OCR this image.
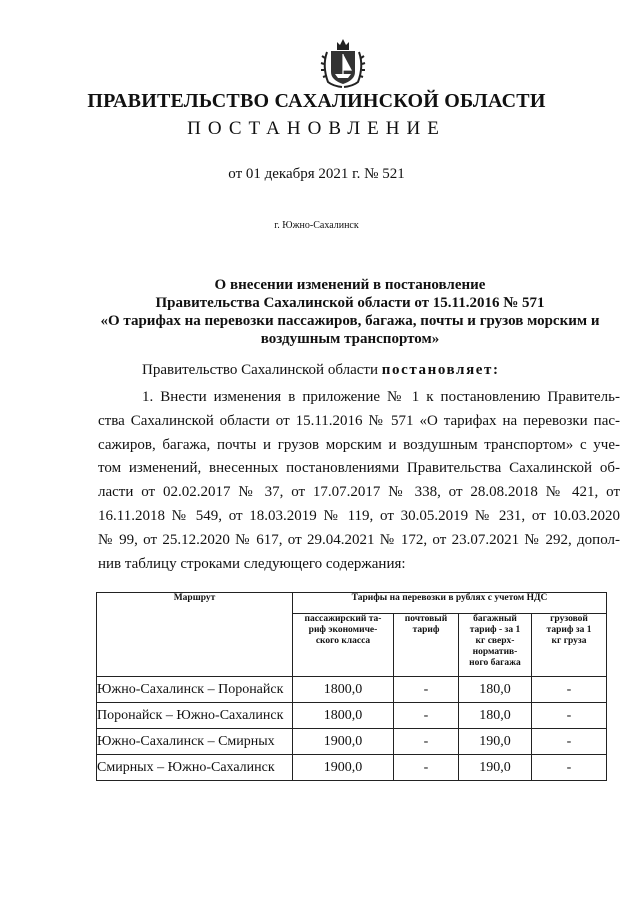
ПРАВИТЕЛЬСТВО САХАЛИНСКОЙ ОБЛАСТИ
ПОСТАНОВЛЕНИЕ
от 01 декабря 2021 г. № 521
г. Южно-Сахалинск
О внесении изменений в постановление
Правительства Сахалинской области от 15.11.2016 № 571
«О тарифах на перевозки пассажиров, багажа, почты и грузов морским и
воздушным транспортом»
Правительство Сахалинской области постановляет:
1. Внести изменения в приложение № 1 к постановлению Правитель-
ства Сахалинской области от 15.11.2016 № 571 «О тарифах на перевозки пас-
сажиров, багажа, почты и грузов морским и воздушным транспортом» с уче-
том изменений, внесенных постановлениями Правительства Сахалинской об-
ласти от 02.02.2017 № 37, от 17.07.2017 № 338, от 28.08.2018 № 421, от
16.11.2018 № 549, от 18.03.2019 № 119, от 30.05.2019 № 231, от 10.03.2020
№ 99, от 25.12.2020 № 617, от 29.04.2021 № 172, от 23.07.2021 № 292, допол-
нив таблицу строками следующего содержания:
Маршрут	Тарифы на перевозки в рублях с учетом НДС			
	пассажирский та-
риф экономиче-
ского класса	почтовый
тариф	багажный
тариф - за 1
кг сверх-
норматив-
ного багажа	грузовой
тариф за 1
кг груза
Южно-Сахалинск – Поронайск	1800,0	-	180,0	-
Поронайск – Южно-Сахалинск	1800,0	-	180,0	-
Южно-Сахалинск – Смирных	1900,0	-	190,0	-
Смирных – Южно-Сахалинск	1900,0	-	190,0	-
